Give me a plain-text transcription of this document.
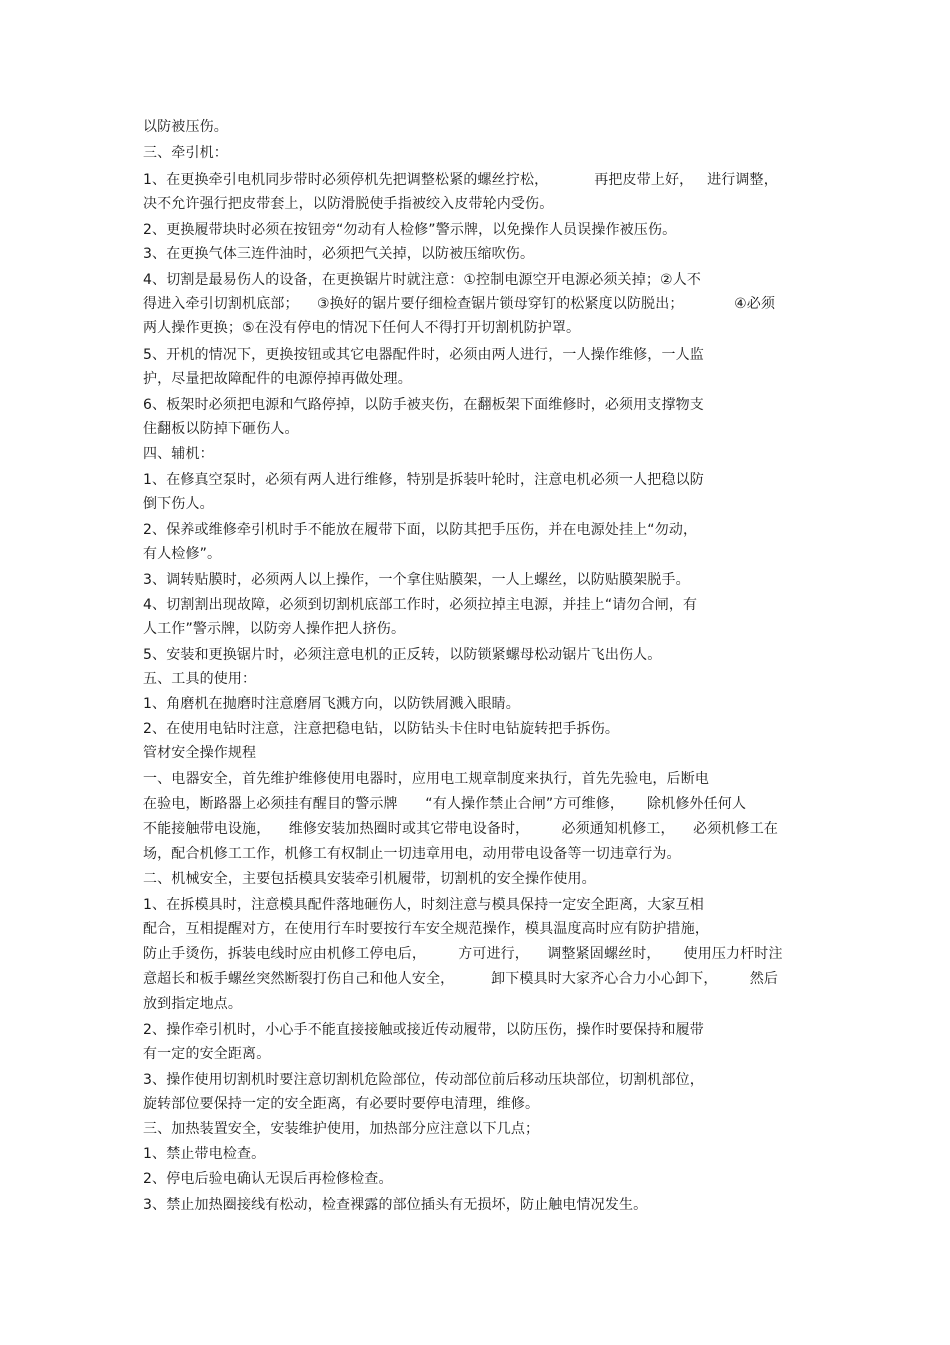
以防被压伤。

三、牵引机：

1、在更换牵引电机同步带时必须停机先把调整松紧的螺丝拧松，          再把皮带上好，   进行调整，

决不允许强行把皮带套上，以防滑脱使手指被绞入皮带轮内受伤。

2、更换履带块时必须在按钮旁“勿动有人检修”警示牌，以免操作人员误操作被压伤。

3、在更换气体三连件油时，必须把气关掉，以防被压缩吹伤。

4、切割是最易伤人的设备，在更换锯片时就注意：①控制电源空开电源必须关掉；②人不

得进入牵引切割机底部；    ③换好的锯片要仔细检查锯片锁母穿钉的松紧度以防脱出；           ④必须

两人操作更换；⑤在没有停电的情况下任何人不得打开切割机防护罩。

5、开机的情况下，更换按钮或其它电器配件时，必须由两人进行，一人操作维修，一人监

护，尽量把故障配件的电源停掉再做处理。

6、板架时必须把电源和气路停掉，以防手被夹伤，在翻板架下面维修时，必须用支撑物支

住翻板以防掉下砸伤人。

四、辅机：

1、在修真空泵时，必须有两人进行维修，特别是拆装叶轮时，注意电机必须一人把稳以防

倒下伤人。

2、保养或维修牵引机时手不能放在履带下面，以防其把手压伤，并在电源处挂上“勿动，

有人检修”。

3、调转贴膜时，必须两人以上操作，一个拿住贴膜架，一人上螺丝，以防贴膜架脱手。

4、切割割出现故障，必须到切割机底部工作时，必须拉掉主电源，并挂上“请勿合闸，有

人工作”警示牌，以防旁人操作把人挤伤。

5、安装和更换锯片时，必须注意电机的正反转，以防锁紧螺母松动锯片飞出伤人。

五、工具的使用：

1、角磨机在抛磨时注意磨屑飞溅方向，以防铁屑溅入眼睛。

2、在使用电钻时注意，注意把稳电钻，以防钻头卡住时电钻旋转把手拆伤。

管材安全操作规程

一、电器安全，首先维护维修使用电器时，应用电工规章制度来执行，首先先验电，后断电

在验电，断路器上必须挂有醒目的警示牌      “有人操作禁止合闸”方可维修，     除机修外任何人

不能接触带电设施，    维修安装加热圈时或其它带电设备时，       必须通知机修工，    必须机修工在

场，配合机修工工作，机修工有权制止一切违章用电，动用带电设备等一切违章行为。

二、机械安全，主要包括模具安装牵引机履带，切割机的安全操作使用。

1、在拆模具时，注意模具配件落地砸伤人，时刻注意与模具保持一定安全距离，大家互相

配合，互相提醒对方，在使用行车时要按行车安全规范操作，模具温度高时应有防护措施，

防止手烫伤，拆装电线时应由机修工停电后，       方可进行，    调整紧固螺丝时，     使用压力杆时注

意超长和板手螺丝突然断裂打伤自己和他人安全，        卸下模具时大家齐心合力小心卸下，       然后

放到指定地点。

2、操作牵引机时，小心手不能直接接触或接近传动履带，以防压伤，操作时要保持和履带

有一定的安全距离。

3、操作使用切割机时要注意切割机危险部位，传动部位前后移动压块部位，切割机部位，

旋转部位要保持一定的安全距离，有必要时要停电清理，维修。

三、加热装置安全，安装维护使用，加热部分应注意以下几点；

1、禁止带电检查。

2、停电后验电确认无误后再检修检查。

3、禁止加热圈接线有松动，检查裸露的部位插头有无损坏，防止触电情况发生。
